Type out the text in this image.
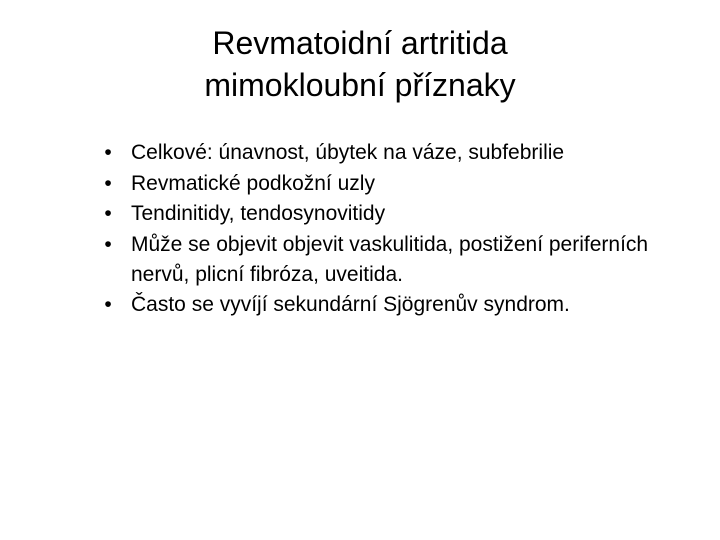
Revmatoidní artritida
mimokloubní příznaky
• Celkové: únavnost, úbytek na váze, subfebrilie
• Revmatické podkožní uzly
• Tendinitidy, tendosynovitidy
• Může se objevit objevit vaskulitida, postižení periferních nervů, plicní fibróza, uveitida.
• Často se vyvíjí sekundární Sjögrenův syndrom.
